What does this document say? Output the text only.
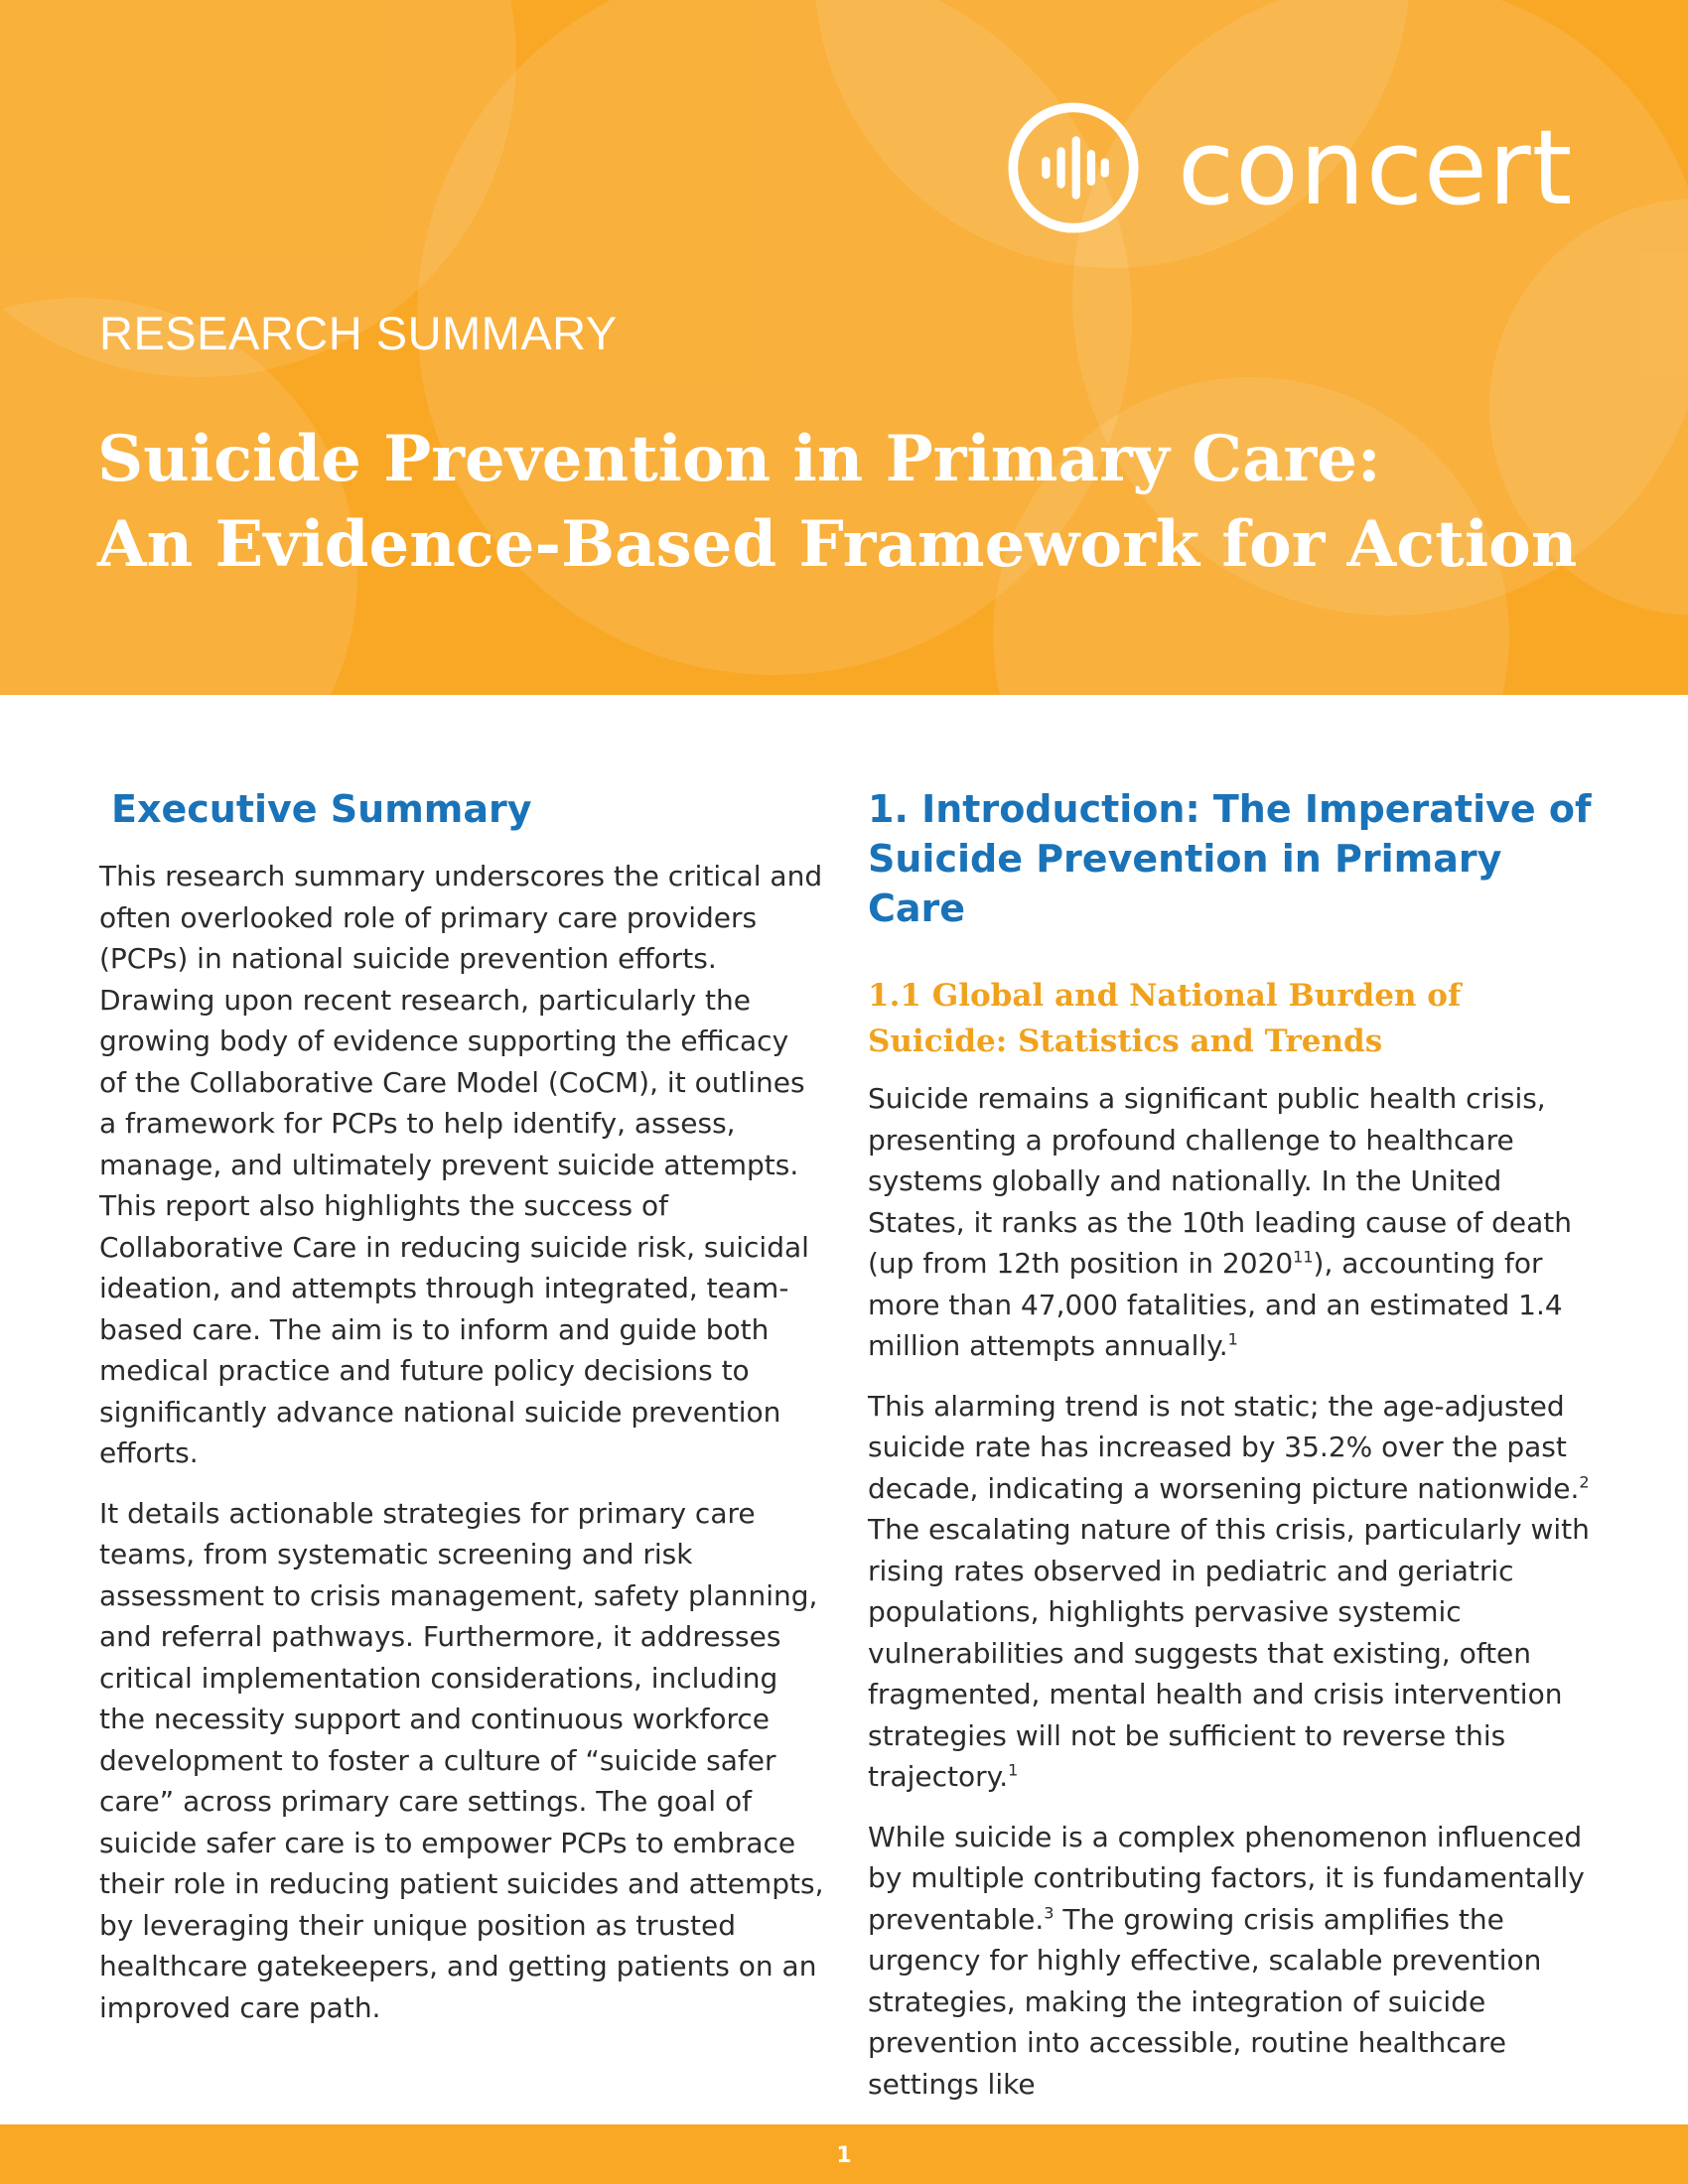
concert
RESEARCH SUMMARY
Suicide Prevention in Primary Care:
An Evidence-Based Framework for Action
Executive Summary

This research summary underscores the critical and often overlooked role of primary care providers (PCPs) in national suicide prevention efforts. Drawing upon recent research, particularly the growing body of evidence supporting the efficacy of the Collaborative Care Model (CoCM), it outlines a framework for PCPs to help identify, assess, manage, and ultimately prevent suicide attempts. This report also highlights the success of Collaborative Care in reducing suicide risk, suicidal ideation, and attempts through integrated, team-based care. The aim is to inform and guide both medical practice and future policy decisions to significantly advance national suicide prevention efforts.

It details actionable strategies for primary care teams, from systematic screening and risk assessment to crisis management, safety planning, and referral pathways. Furthermore, it addresses critical implementation considerations, including the necessity support and continuous workforce development to foster a culture of “suicide safer care” across primary care settings. The goal of suicide safer care is to empower PCPs to embrace their role in reducing patient suicides and attempts, by leveraging their unique position as trusted healthcare gatekeepers, and getting patients on an improved care path.

1. Introduction: The Imperative of Suicide Prevention in Primary Care
1.1 Global and National Burden of Suicide: Statistics and Trends

Suicide remains a significant public health crisis, presenting a profound challenge to healthcare systems globally and nationally. In the United States, it ranks as the 10th leading cause of death (up from 12th position in 2020$^{11}$), accounting for more than 47,000 fatalities, and an estimated 1.4 million attempts annually.$^1$

This alarming trend is not static; the age-adjusted suicide rate has increased by 35.2% over the past decade, indicating a worsening picture nationwide.$^2$ The escalating nature of this crisis, particularly with rising rates observed in pediatric and geriatric populations, highlights pervasive systemic vulnerabilities and suggests that existing, often fragmented, mental health and crisis intervention strategies will not be sufficient to reverse this trajectory.$^1$

While suicide is a complex phenomenon influenced by multiple contributing factors, it is fundamentally preventable.$^3$ The growing crisis amplifies the urgency for highly effective, scalable prevention strategies, making the integration of suicide prevention into accessible, routine healthcare settings like

1
